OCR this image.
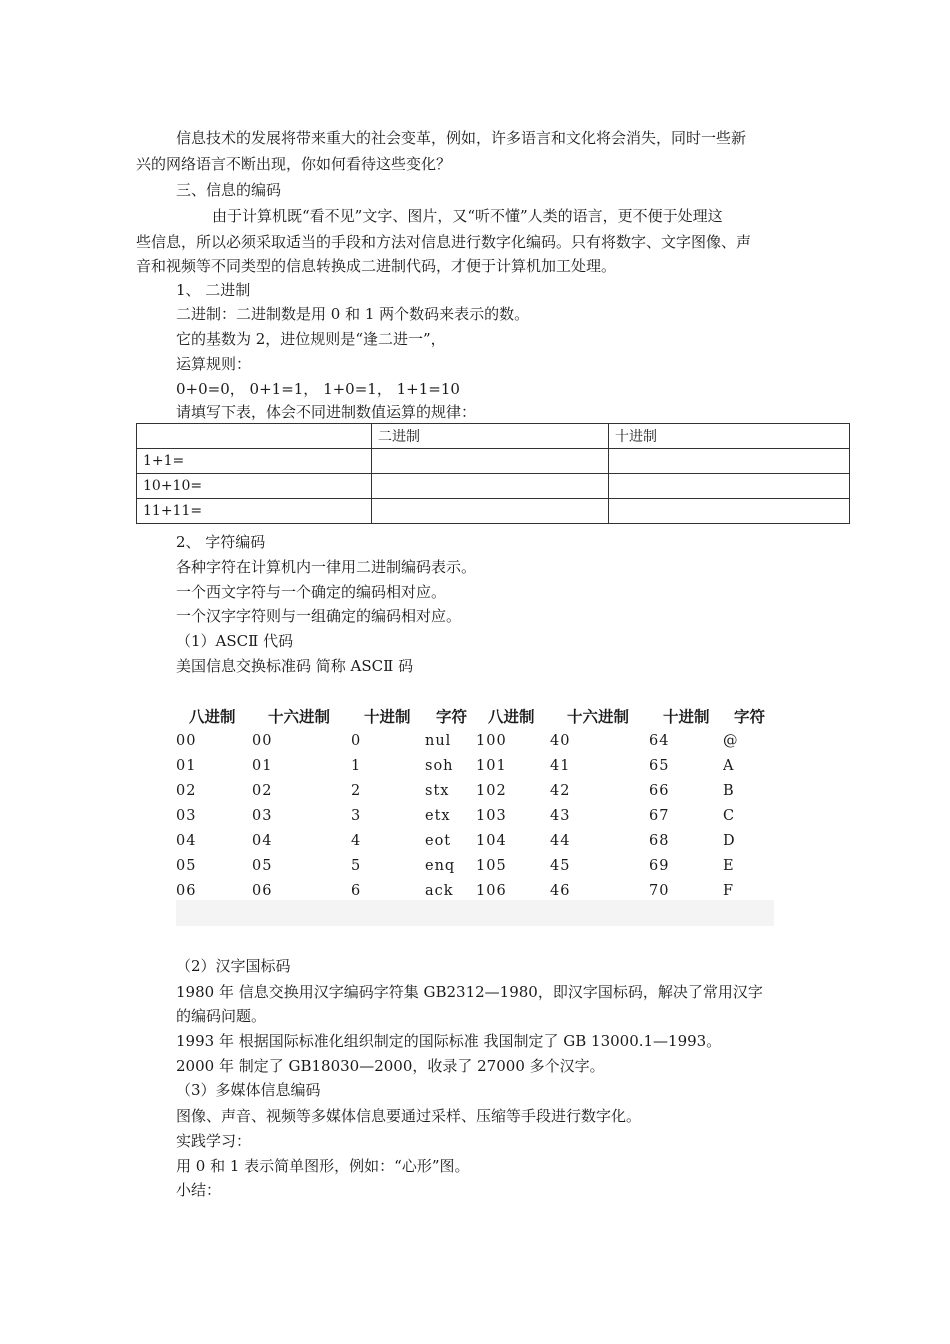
信息技术的发展将带来重大的社会变革，例如，许多语言和文化将会消失，同时一些新
兴的网络语言不断出现，你如何看待这些变化？
三、信息的编码
由于计算机既“看不见”文字、图片，又“听不懂”人类的语言，更不便于处理这
些信息，所以必须采取适当的手段和方法对信息进行数字化编码。只有将数字、文字图像、声
音和视频等不同类型的信息转换成二进制代码，才便于计算机加工处理。
1、 二进制
二进制：二进制数是用 0 和 1 两个数码来表示的数。
它的基数为 2，进位规则是“逢二进一”，
运算规则：
0+0=0， 0+1=1， 1+0=1， 1+1=10
请填写下表，体会不同进制数值运算的规律：
	二进制	十进制
1+1=		
10+10=		
11+11=		
2、 字符编码
各种字符在计算机内一律用二进制编码表示。
一个西文字符与一个确定的编码相对应。
一个汉字字符则与一组确定的编码相对应。
（1）ASCⅡ 代码
美国信息交换标准码 简称 ASCⅡ 码
八进制 十六进制 十进制 字符 八进制 十六进制 十进制 字符
00	00	0	nul 100	40	64	@
01	01	1	soh 101	41	65	A
02	02	2	stx 102	42	66	B
03	03	3	etx 103	43	67	C
04	04	4	eot 104	44	68	D
05	05	5	enq 105	45	69	E
06	06	6	ack 106	46	70	F
（2）汉字国标码
1980 年 信息交换用汉字编码字符集 GB2312—1980，即汉字国标码，解决了常用汉字
的编码问题。
1993 年 根据国际标准化组织制定的国际标准 我国制定了 GB 13000.1—1993。
2000 年 制定了 GB18030—2000，收录了 27000 多个汉字。
（3）多媒体信息编码
图像、声音、视频等多媒体信息要通过采样、压缩等手段进行数字化。
实践学习：
用 0 和 1 表示简单图形，例如：“心形”图。
小结：
